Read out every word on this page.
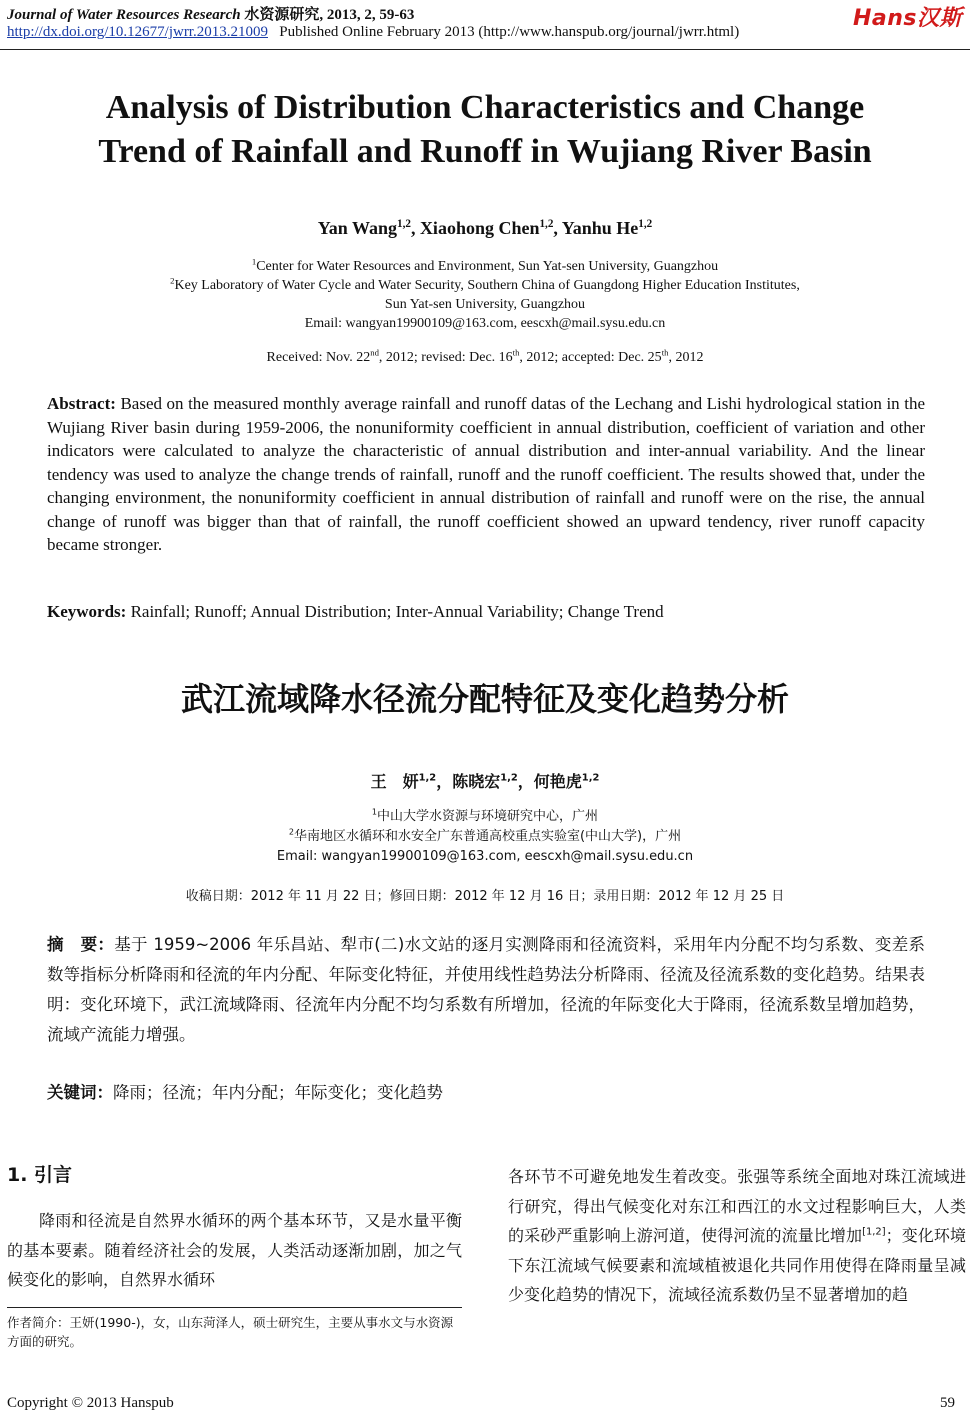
Journal of Water Resources Research 水资源研究, 2013, 2, 59-63
http://dx.doi.org/10.12677/jwrr.2013.21009 Published Online February 2013 (http://www.hanspub.org/journal/jwrr.html)
Hans汉斯
Analysis of Distribution Characteristics and Change
Trend of Rainfall and Runoff in Wujiang River Basin
Yan Wang$^{1,2}$, Xiaohong Chen$^{1,2}$, Yanhu He$^{1,2}$
$^1$Center for Water Resources and Environment, Sun Yat-sen University, Guangzhou
$^2$Key Laboratory of Water Cycle and Water Security, Southern China of Guangdong Higher Education Institutes,
Sun Yat-sen University, Guangzhou
Email: wangyan19900109@163.com, eescxh@mail.sysu.edu.cn
Received: Nov. 22nd, 2012; revised: Dec. 16th, 2012; accepted: Dec. 25th, 2012
Abstract: Based on the measured monthly average rainfall and runoff datas of the Lechang and Lishi hydrological station in the Wujiang River basin during 1959-2006, the nonuniformity coefficient in annual distribution, coefficient of variation and other indicators were calculated to analyze the characteristic of annual distribution and inter-annual variability. And the linear tendency was used to analyze the change trends of rainfall, runoff and the runoff coefficient. The results showed that, under the changing environment, the nonuniformity coefficient in annual distribution of rainfall and runoff were on the rise, the annual change of runoff was bigger than that of rainfall, the runoff coefficient showed an upward tendency, river runoff capacity became stronger.
Keywords: Rainfall; Runoff; Annual Distribution; Inter-Annual Variability; Change Trend
武江流域降水径流分配特征及变化趋势分析
王　妍$^{1,2}$，陈晓宏$^{1,2}$，何艳虎$^{1,2}$
$^1$中山大学水资源与环境研究中心，广州
$^2$华南地区水循环和水安全广东普通高校重点实验室(中山大学)，广州
Email: wangyan19900109@163.com, eescxh@mail.sysu.edu.cn
收稿日期：2012 年 11 月 22 日；修回日期：2012 年 12 月 16 日；录用日期：2012 年 12 月 25 日
摘　要：基于 1959~2006 年乐昌站、犁市(二)水文站的逐月实测降雨和径流资料，采用年内分配不均匀系数、变差系数等指标分析降雨和径流的年内分配、年际变化特征，并使用线性趋势法分析降雨、径流及径流系数的变化趋势。结果表明：变化环境下，武江流域降雨、径流年内分配不均匀系数有所增加，径流的年际变化大于降雨，径流系数呈增加趋势，流域产流能力增强。
关键词：降雨；径流；年内分配；年际变化；变化趋势
1. 引言
降雨和径流是自然界水循环的两个基本环节，又是水量平衡的基本要素。随着经济社会的发展，人类活动逐渐加剧，加之气候变化的影响，自然界水循环
各环节不可避免地发生着改变。张强等系统全面地对珠江流域进行研究，得出气候变化对东江和西江的水文过程影响巨大，人类的采砂严重影响上游河道，使得河流的流量比增加[1,2]；变化环境下东江流域气候要素和流域植被退化共同作用使得在降雨量呈减少变化趋势的情况下，流域径流系数仍呈不显著增加的趋
作者简介：王妍(1990-)，女，山东菏泽人，硕士研究生，主要从事水文与水资源方面的研究。
Copyright © 2013 Hanspub	59
